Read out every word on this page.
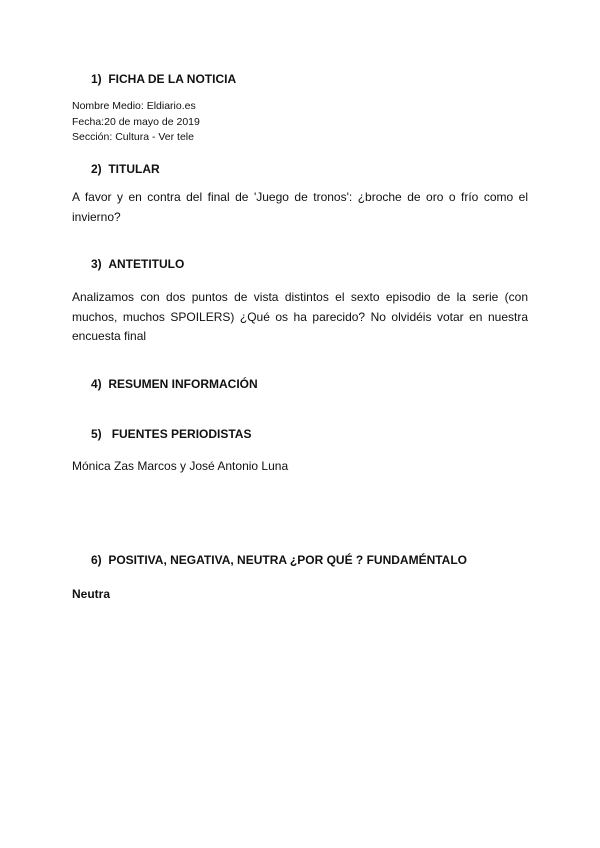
1) FICHA DE LA NOTICIA
Nombre Medio: Eldiario.es
Fecha:20 de mayo de 2019
Sección: Cultura - Ver tele
2) TITULAR
A favor y en contra del final de 'Juego de tronos': ¿broche de oro o frío como el invierno?
3) ANTETITULO
Analizamos con dos puntos de vista distintos el sexto episodio de la serie (con muchos, muchos SPOILERS) ¿Qué os ha parecido? No olvidéis votar en nuestra encuesta final
4) RESUMEN INFORMACIÓN
5) FUENTES PERIODISTAS
Mónica Zas Marcos y José Antonio Luna
6) POSITIVA, NEGATIVA, NEUTRA ¿POR QUÉ ? FUNDAMÉNTALO
Neutra
